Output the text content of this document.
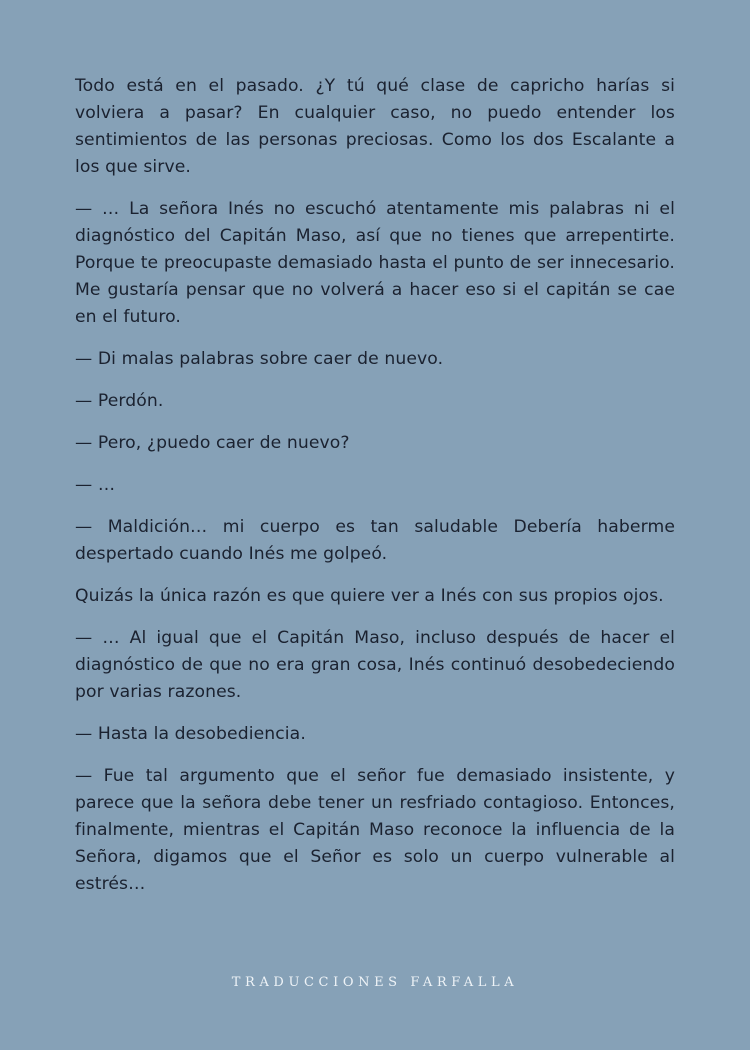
Todo está en el pasado. ¿Y tú qué clase de capricho harías si volviera a pasar? En cualquier caso, no puedo entender los sentimientos de las personas preciosas. Como los dos Escalante a los que sirve.

— … La señora Inés no escuchó atentamente mis palabras ni el diagnóstico del Capitán Maso, así que no tienes que arrepentirte. Porque te preocupaste demasiado hasta el punto de ser innecesario. Me gustaría pensar que no volverá a hacer eso si el capitán se cae en el futuro.

— Di malas palabras sobre caer de nuevo.

— Perdón.

— Pero, ¿puedo caer de nuevo?

— …

— Maldición… mi cuerpo es tan saludable Debería haberme despertado cuando Inés me golpeó.

Quizás la única razón es que quiere ver a Inés con sus propios ojos.

— … Al igual que el Capitán Maso, incluso después de hacer el diagnóstico de que no era gran cosa, Inés continuó desobedeciendo por varias razones.

— Hasta la desobediencia.

— Fue tal argumento que el señor fue demasiado insistente, y parece que la señora debe tener un resfriado contagioso. Entonces, finalmente, mientras el Capitán Maso reconoce la influencia de la Señora, digamos que el Señor es solo un cuerpo vulnerable al estrés…

TRADUCCIONES FARFALLA
